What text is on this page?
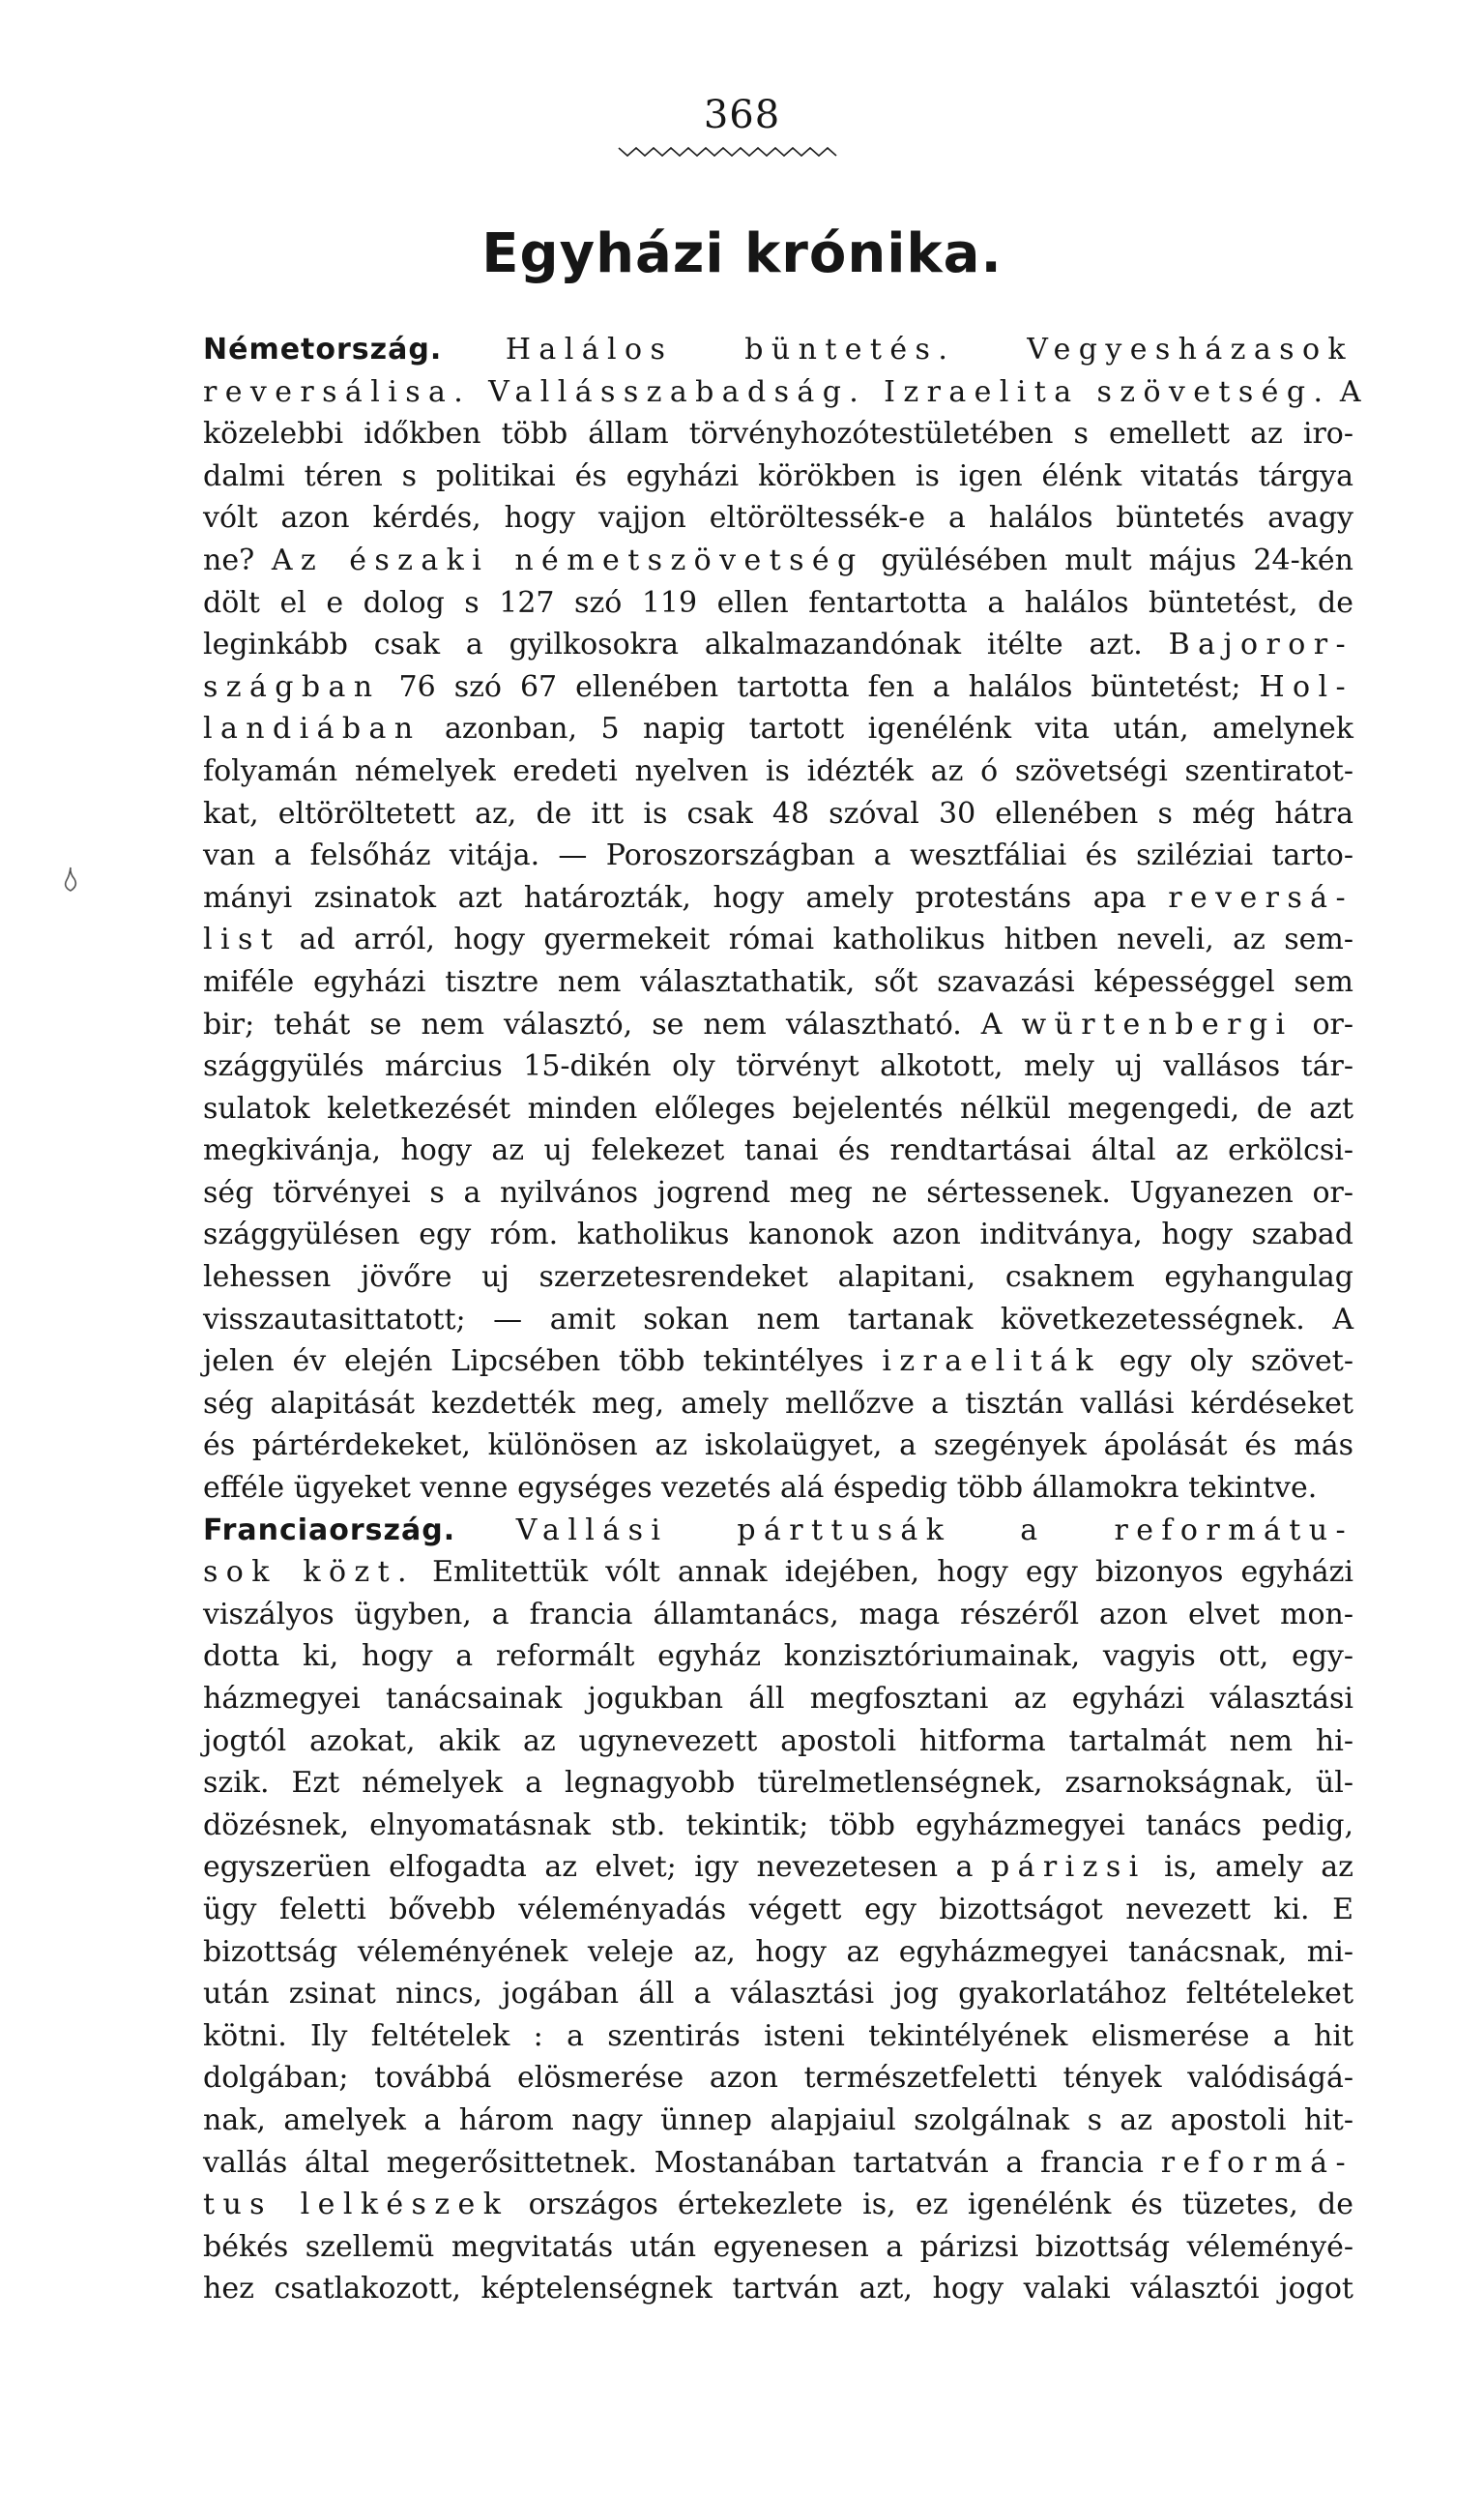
368
Egyházi krónika.
Németország. Halálos büntetés. Vegyesházasok
reversálisa. Vallásszabadság. Izraelita szövetség. A
közelebbi időkben több állam törvényhozótestületében s emellett az iro-
dalmi téren s politikai és egyházi körökben is igen élénk vitatás tárgya
vólt azon kérdés, hogy vajjon eltöröltessék-e a halálos büntetés avagy
ne? Az északi németszövetség gyülésében mult május 24-kén
dölt el e dolog s 127 szó 119 ellen fentartotta a halálos büntetést, de
leginkább csak a gyilkosokra alkalmazandónak itélte azt. Bajoror-
szágban 76 szó 67 ellenében tartotta fen a halálos büntetést; Hol-
landiában azonban, 5 napig tartott igenélénk vita után, amelynek
folyamán némelyek eredeti nyelven is idézték az ó szövetségi szentiratot-
kat, eltöröltetett az, de itt is csak 48 szóval 30 ellenében s még hátra
van a felsőház vitája. — Poroszországban a wesztfáliai és sziléziai tarto-
mányi zsinatok azt határozták, hogy amely protestáns apa reversá-
list ad arról, hogy gyermekeit római katholikus hitben neveli, az sem-
miféle egyházi tisztre nem választathatik, sőt szavazási képességgel sem
bir; tehát se nem választó, se nem választható. A würtenbergi or-
szággyülés március 15-dikén oly törvényt alkotott, mely uj vallásos tár-
sulatok keletkezését minden előleges bejelentés nélkül megengedi, de azt
megkivánja, hogy az uj felekezet tanai és rendtartásai által az erkölcsi-
ség törvényei s a nyilvános jogrend meg ne sértessenek. Ugyanezen or-
szággyülésen egy róm. katholikus kanonok azon inditványa, hogy szabad
lehessen jövőre uj szerzetesrendeket alapitani, csaknem egyhangulag
visszautasittatott; — amit sokan nem tartanak következetességnek. A
jelen év elején Lipcsében több tekintélyes izraeliták egy oly szövet-
ség alapitását kezdették meg, amely mellőzve a tisztán vallási kérdéseket
és pártérdekeket, különösen az iskolaügyet, a szegények ápolását és más
efféle ügyeket venne egységes vezetés alá éspedig több államokra tekintve.
Franciaország. Vallási párttusák a reformátu-
sok közt. Emlitettük vólt annak idejében, hogy egy bizonyos egyházi
viszályos ügyben, a francia államtanács, maga részéről azon elvet mon-
dotta ki, hogy a reformált egyház konzisztóriumainak, vagyis ott, egy-
házmegyei tanácsainak jogukban áll megfosztani az egyházi választási
jogtól azokat, akik az ugynevezett apostoli hitforma tartalmát nem hi-
szik. Ezt némelyek a legnagyobb türelmetlenségnek, zsarnokságnak, ül-
dözésnek, elnyomatásnak stb. tekintik; több egyházmegyei tanács pedig,
egyszerüen elfogadta az elvet; igy nevezetesen a párizsi is, amely az
ügy feletti bővebb véleményadás végett egy bizottságot nevezett ki. E
bizottság véleményének veleje az, hogy az egyházmegyei tanácsnak, mi-
után zsinat nincs, jogában áll a választási jog gyakorlatához feltételeket
kötni. Ily feltételek : a szentirás isteni tekintélyének elismerése a hit
dolgában; továbbá elösmerése azon természetfeletti tények valódiságá-
nak, amelyek a három nagy ünnep alapjaiul szolgálnak s az apostoli hit-
vallás által megerősittetnek. Mostanában tartatván a francia reformá-
tus lelkészek országos értekezlete is, ez igenélénk és tüzetes, de
békés szellemü megvitatás után egyenesen a párizsi bizottság véleményé-
hez csatlakozott, képtelenségnek tartván azt, hogy valaki választói jogot
